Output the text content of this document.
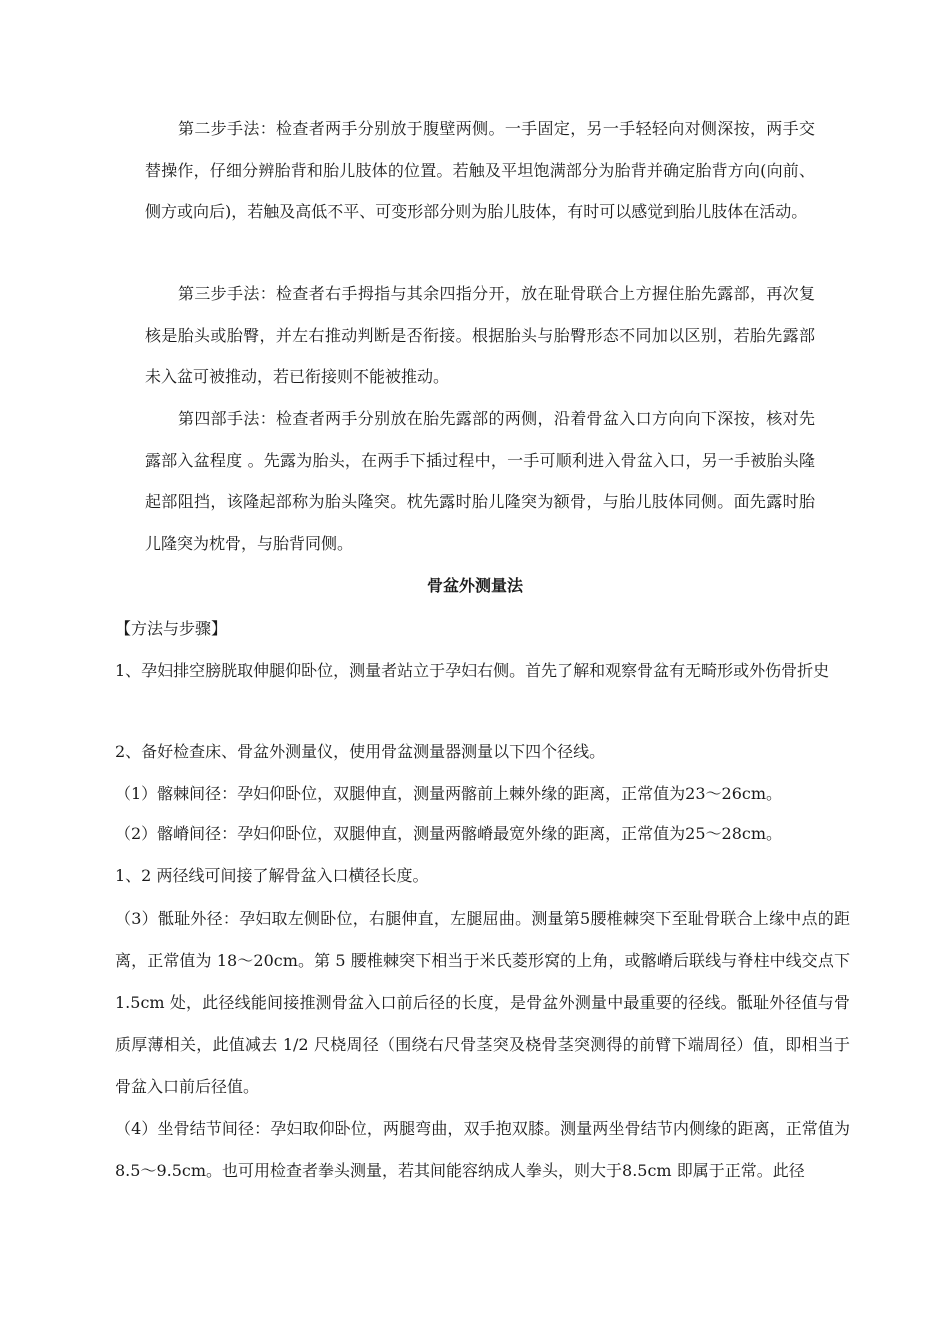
第二步手法：检查者两手分别放于腹壁两侧。一手固定，另一手轻轻向对侧深按，两手交替操作，仔细分辨胎背和胎儿肢体的位置。若触及平坦饱满部分为胎背并确定胎背方向(向前、侧方或向后)，若触及高低不平、可变形部分则为胎儿肢体，有时可以感觉到胎儿肢体在活动。

第三步手法：检查者右手拇指与其余四指分开，放在耻骨联合上方握住胎先露部，再次复核是胎头或胎臀，并左右推动判断是否衔接。根据胎头与胎臀形态不同加以区别，若胎先露部未入盆可被推动，若已衔接则不能被推动。

第四部手法：检查者两手分别放在胎先露部的两侧，沿着骨盆入口方向向下深按，核对先露部入盆程度 。先露为胎头，在两手下插过程中，一手可顺利进入骨盆入口，另一手被胎头隆起部阻挡，该隆起部称为胎头隆突。枕先露时胎儿隆突为额骨，与胎儿肢体同侧。面先露时胎儿隆突为枕骨，与胎背同侧。

骨盆外测量法

【方法与步骤】

1、孕妇排空膀胱取伸腿仰卧位，测量者站立于孕妇右侧。首先了解和观察骨盆有无畸形或外伤骨折史

2、备好检查床、骨盆外测量仪，使用骨盆测量器测量以下四个径线。

（1）髂棘间径：孕妇仰卧位，双腿伸直，测量两髂前上棘外缘的距离，正常值为23～26cm。

（2）髂嵴间径：孕妇仰卧位，双腿伸直，测量两髂嵴最宽外缘的距离，正常值为25～28cm。

1、2 两径线可间接了解骨盆入口横径长度。

（3）骶耻外径：孕妇取左侧卧位，右腿伸直，左腿屈曲。测量第5腰椎棘突下至耻骨联合上缘中点的距离，正常值为 18～20cm。第 5 腰椎棘突下相当于米氏菱形窝的上角，或髂嵴后联线与脊柱中线交点下 1.5cm 处，此径线能间接推测骨盆入口前后径的长度，是骨盆外测量中最重要的径线。骶耻外径值与骨质厚薄相关，此值减去 1/2 尺桡周径（围绕右尺骨茎突及桡骨茎突测得的前臂下端周径）值，即相当于骨盆入口前后径值。

（4）坐骨结节间径：孕妇取仰卧位，两腿弯曲，双手抱双膝。测量两坐骨结节内侧缘的距离，正常值为 8.5～9.5cm。也可用检查者拳头测量，若其间能容纳成人拳头，则大于8.5cm 即属于正常。此径
